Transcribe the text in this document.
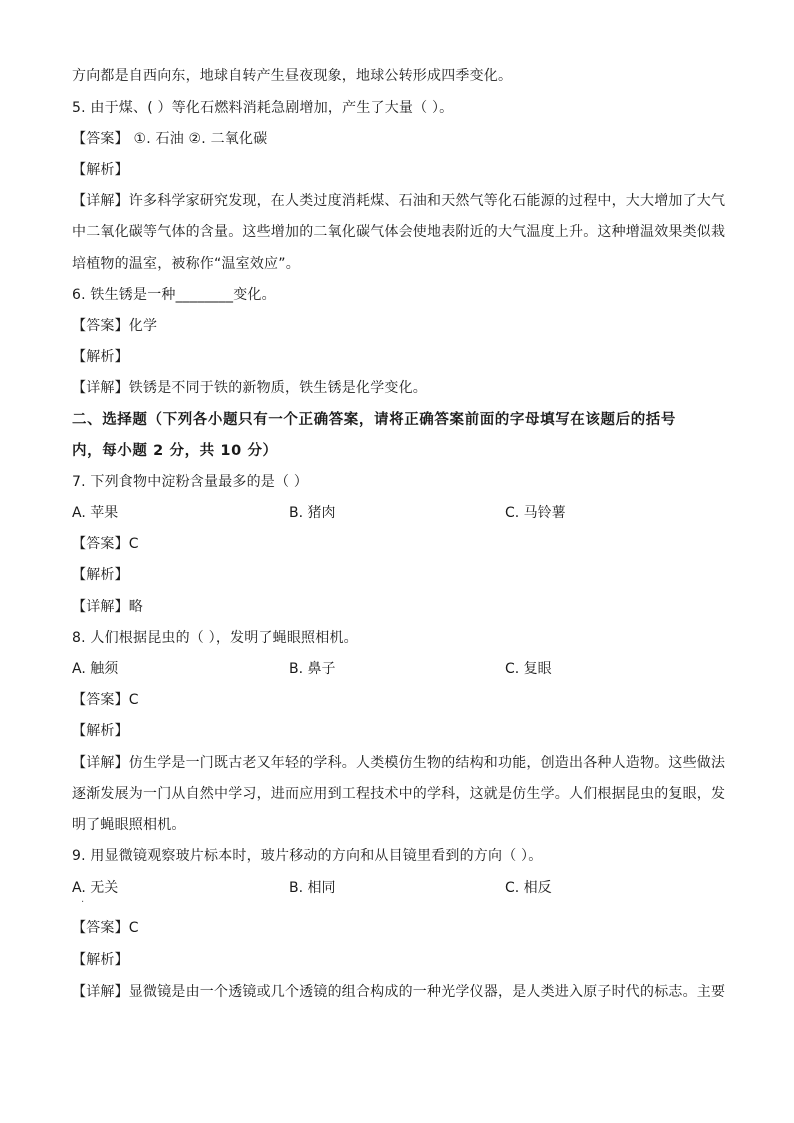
方向都是自西向东，地球自转产生昼夜现象，地球公转形成四季变化。
5. 由于煤、( ）等化石燃料消耗急剧增加，产生了大量（ ）。
【答案】 ①. 石油 ②. 二氧化碳
【解析】
【详解】许多科学家研究发现，在人类过度消耗煤、石油和天然气等化石能源的过程中，大大增加了大气
中二氧化碳等气体的含量。这些增加的二氧化碳气体会使地表附近的大气温度上升。这种增温效果类似栽
培植物的温室，被称作“温室效应”。
6. 铁生锈是一种________变化。
【答案】化学
【解析】
【详解】铁锈是不同于铁的新物质，铁生锈是化学变化。
二、选择题（下列各小题只有一个正确答案，请将正确答案前面的字母填写在该题后的括号
内，每小题 2 分，共 10 分）
7. 下列食物中淀粉含量最多的是（ ）
A. 苹果	B. 猪肉	C. 马铃薯
【答案】C
【解析】
【详解】略
8. 人们根据昆虫的（ ），发明了蝇眼照相机。
A. 触须	B. 鼻子	C. 复眼
【答案】C
【解析】
【详解】仿生学是一门既古老又年轻的学科。人类模仿生物的结构和功能，创造出各种人造物。这些做法
逐渐发展为一门从自然中学习，进而应用到工程技术中的学科，这就是仿生学。人们根据昆虫的复眼，发
明了蝇眼照相机。
9. 用显微镜观察玻片标本时，玻片移动的方向和从目镜里看到的方向（ ）。
A. 无关	B. 相同	C. 相反
·
【答案】C
【解析】
【详解】显微镜是由一个透镜或几个透镜的组合构成的一种光学仪器，是人类进入原子时代的标志。主要
